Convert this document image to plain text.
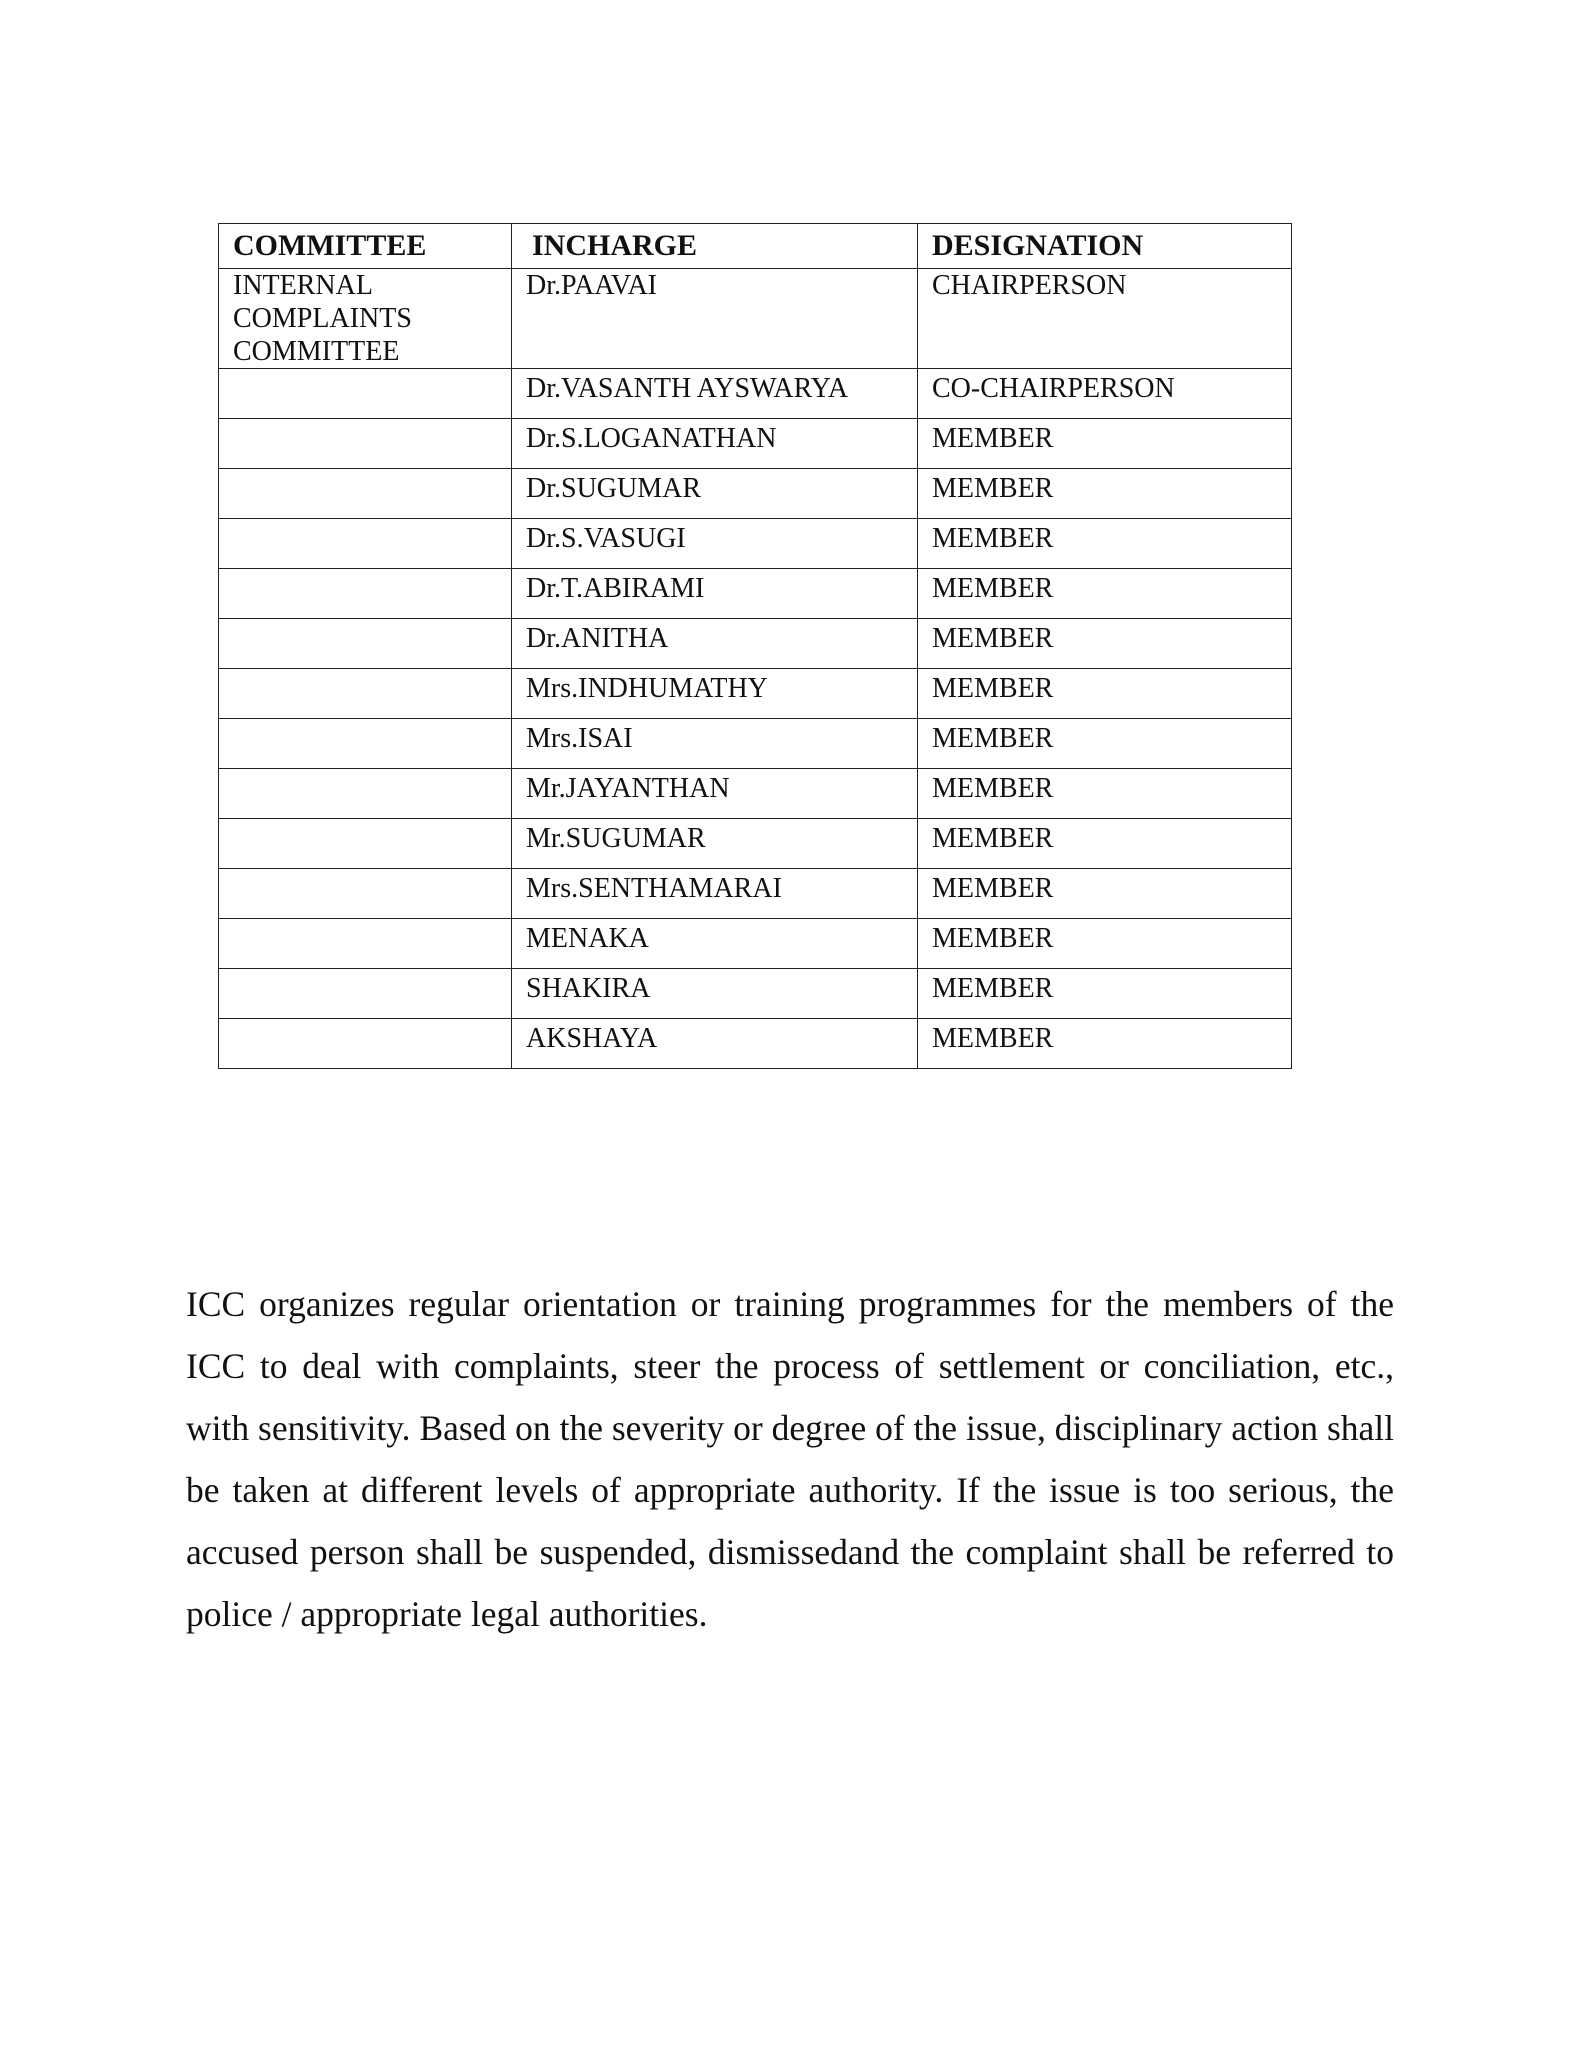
COMMITTEE	INCHARGE	DESIGNATION
INTERNAL COMPLAINTS COMMITTEE	Dr.PAAVAI	CHAIRPERSON
	Dr.VASANTH AYSWARYA	CO-CHAIRPERSON
	Dr.S.LOGANATHAN	MEMBER
	Dr.SUGUMAR	MEMBER
	Dr.S.VASUGI	MEMBER
	Dr.T.ABIRAMI	MEMBER
	Dr.ANITHA	MEMBER
	Mrs.INDHUMATHY	MEMBER
	Mrs.ISAI	MEMBER
	Mr.JAYANTHAN	MEMBER
	Mr.SUGUMAR	MEMBER
	Mrs.SENTHAMARAI	MEMBER
	MENAKA	MEMBER
	SHAKIRA	MEMBER
	AKSHAYA	MEMBER

ICC organizes regular orientation or training programmes for the members of the ICC to deal with complaints, steer the process of settlement or conciliation, etc., with sensitivity. Based on the severity or degree of the issue, disciplinary action shall be taken at different levels of appropriate authority. If the issue is too serious, the accused person shall be suspended, dismissedand the complaint shall be referred to police / appropriate legal authorities.
